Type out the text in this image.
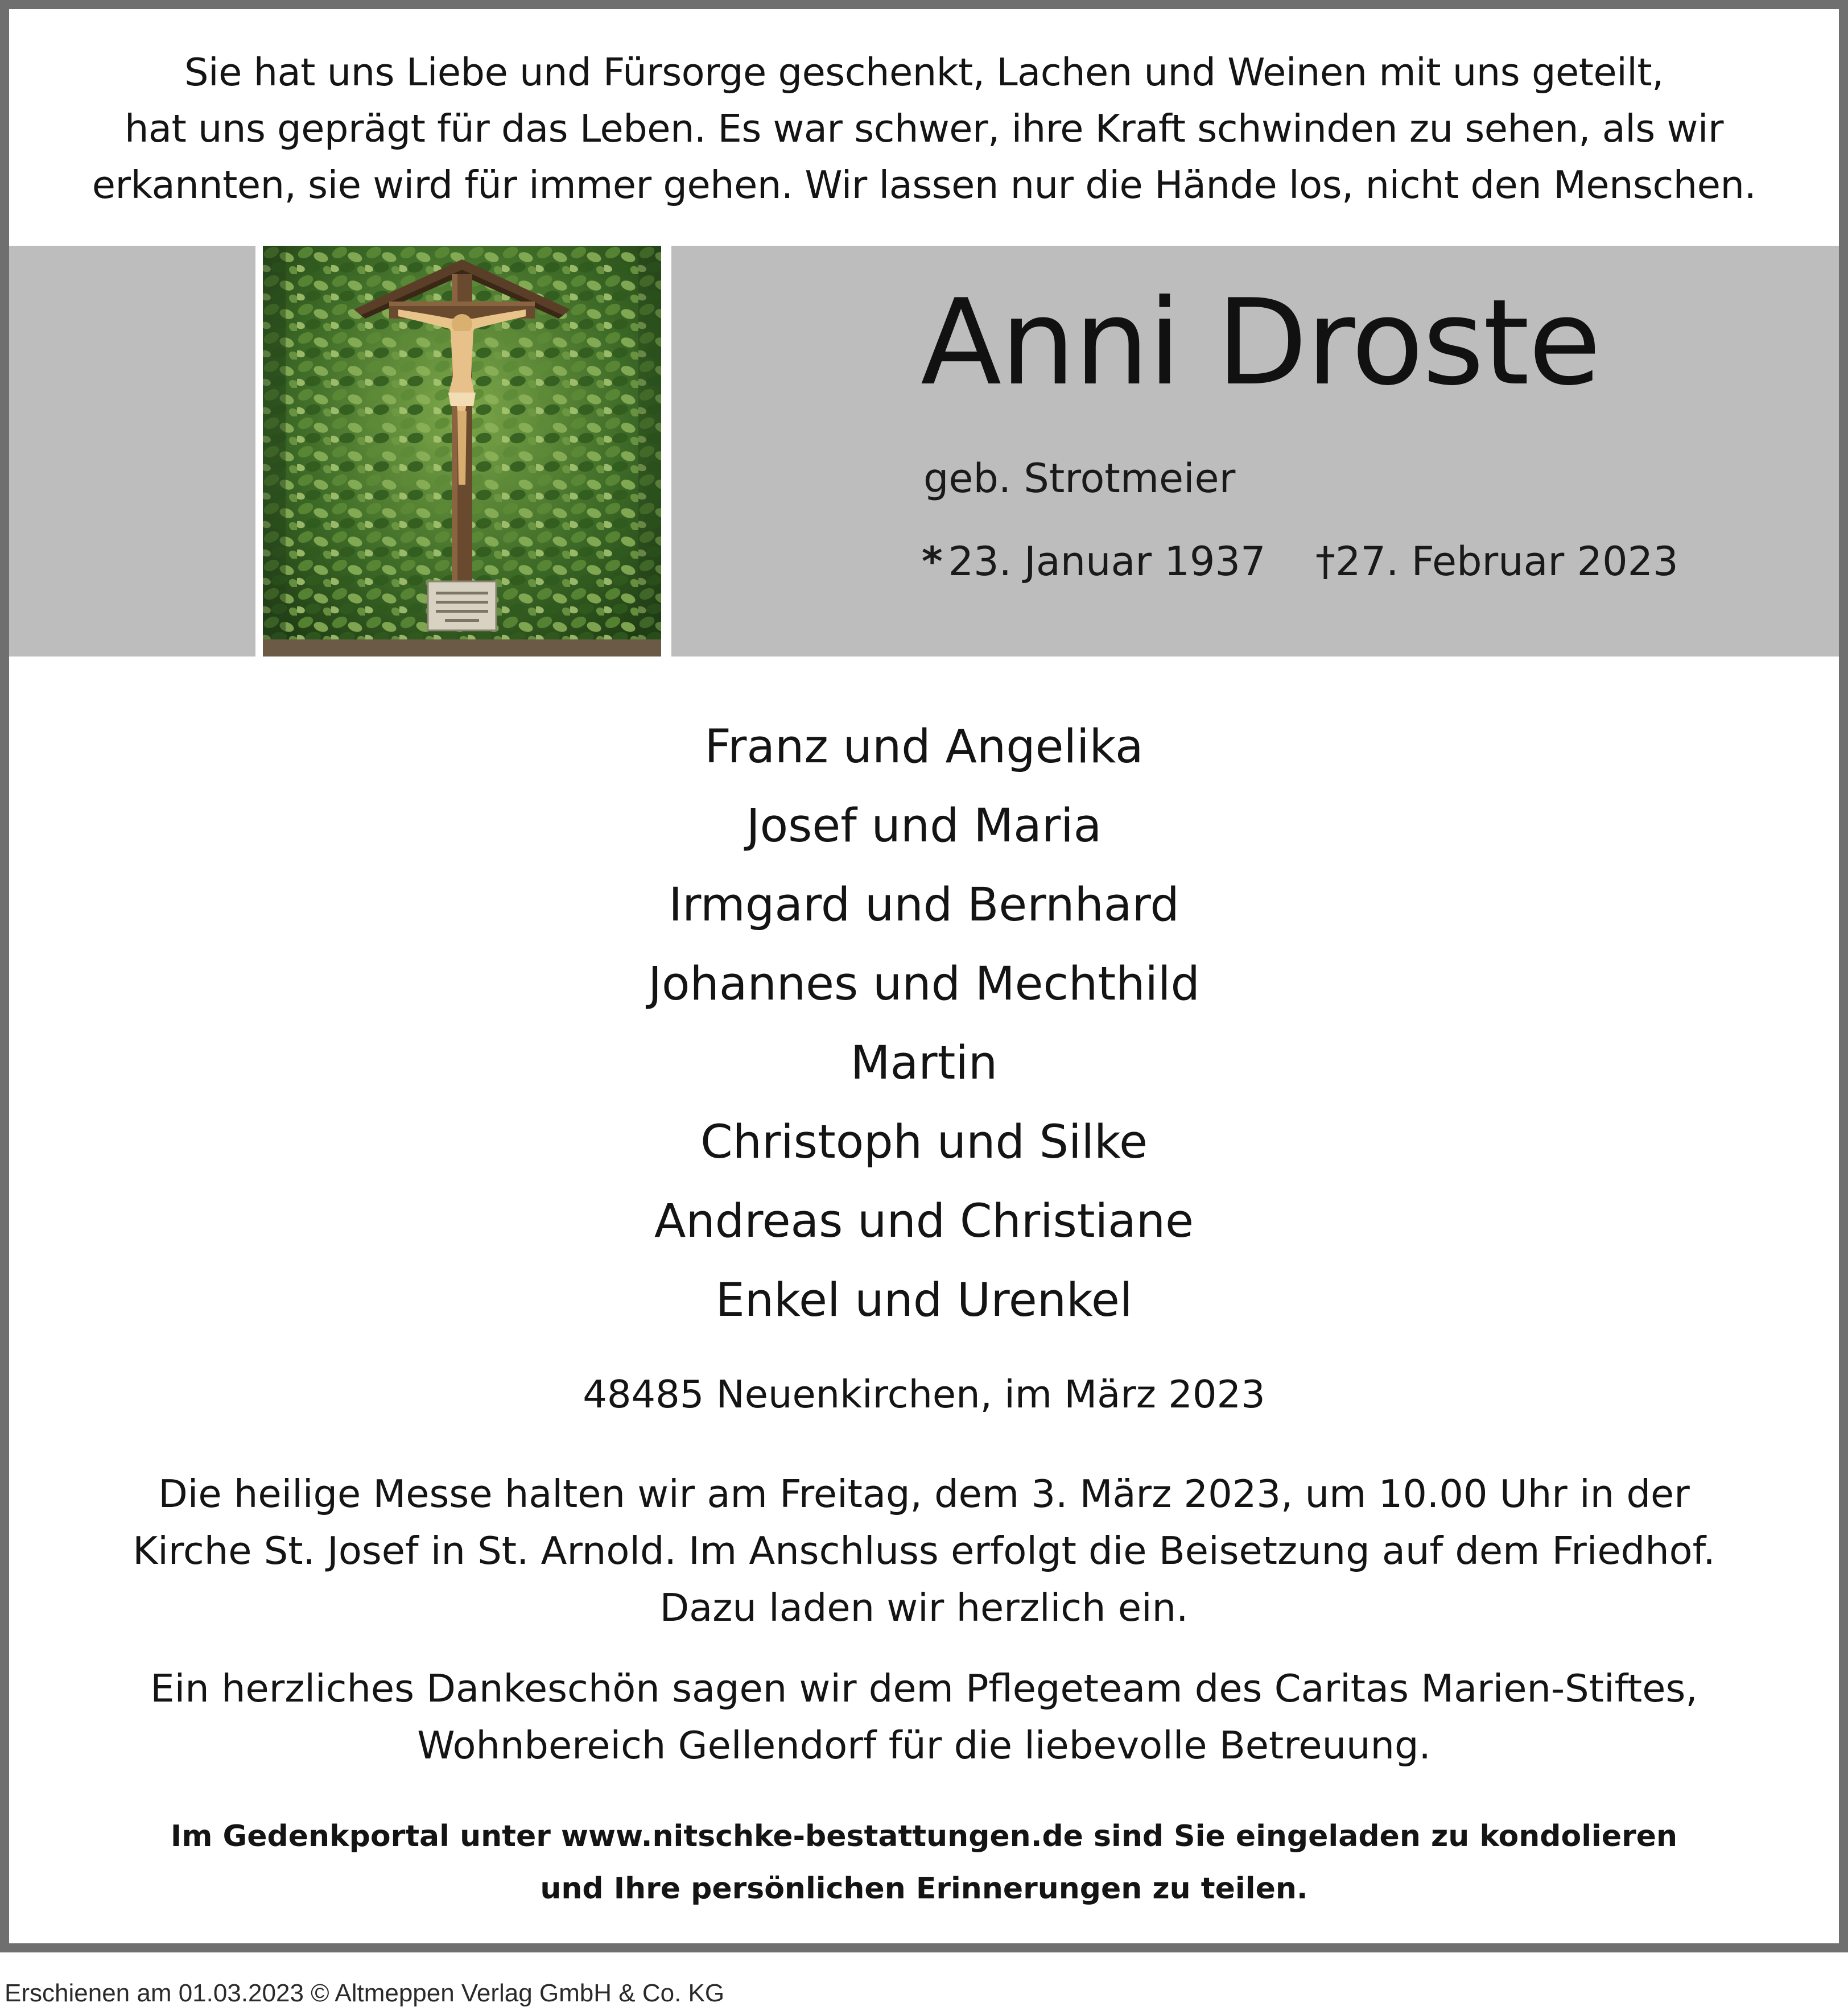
Sie hat uns Liebe und Fürsorge geschenkt, Lachen und Weinen mit uns geteilt,
hat uns geprägt für das Leben. Es war schwer, ihre Kraft schwinden zu sehen, als wir
erkannten, sie wird für immer gehen. Wir lassen nur die Hände los, nicht den Menschen.
Anni Droste
geb. Strotmeier
* 23. Januar 1937 †27. Februar 2023
Franz und Angelika
Josef und Maria
Irmgard und Bernhard
Johannes und Mechthild
Martin
Christoph und Silke
Andreas und Christiane
Enkel und Urenkel
48485 Neuenkirchen, im März 2023
Die heilige Messe halten wir am Freitag, dem 3. März 2023, um 10.00 Uhr in der
Kirche St. Josef in St. Arnold. Im Anschluss erfolgt die Beisetzung auf dem Friedhof.
Dazu laden wir herzlich ein.
Ein herzliches Dankeschön sagen wir dem Pflegeteam des Caritas Marien-Stiftes,
Wohnbereich Gellendorf für die liebevolle Betreuung.
Im Gedenkportal unter www.nitschke-bestattungen.de sind Sie eingeladen zu kondolieren
und Ihre persönlichen Erinnerungen zu teilen.
Erschienen am 01.03.2023 © Altmeppen Verlag GmbH & Co. KG
